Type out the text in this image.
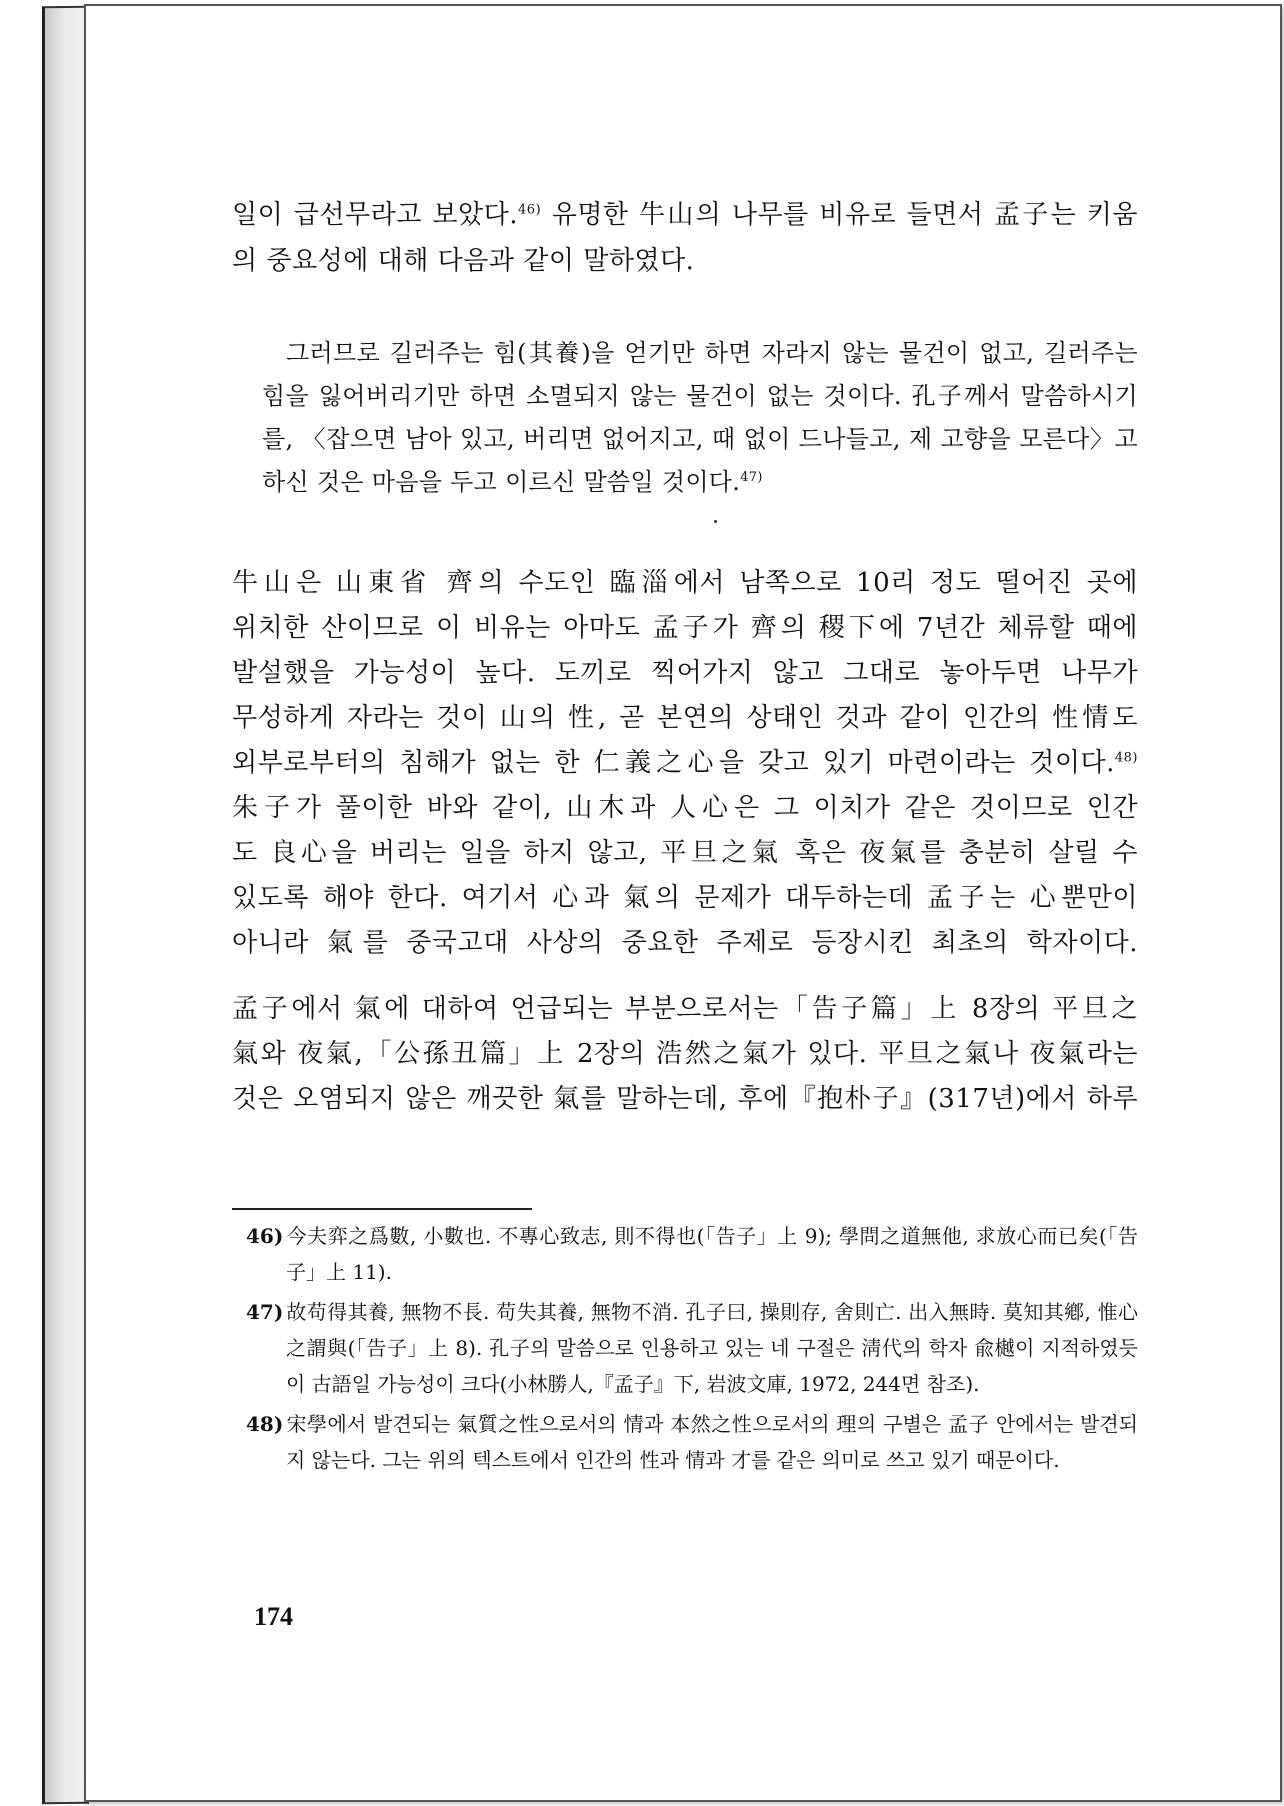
일이 급선무라고 보았다.$^{46)}$ 유명한 牛山의 나무를 비유로 들면서 孟子는 키움의 중요성에 대해 다음과 같이 말하였다.
그러므로 길러주는 힘(其養)을 얻기만 하면 자라지 않는 물건이 없고, 길러주는 힘을 잃어버리기만 하면 소멸되지 않는 물건이 없는 것이다. 孔子께서 말씀하시기를, 〈잡으면 남아 있고, 버리면 없어지고, 때 없이 드나들고, 제 고향을 모른다〉고 하신 것은 마음을 두고 이르신 말씀일 것이다.$^{47)}$
牛山은 山東省 齊의 수도인 臨淄에서 남쪽으로 10리 정도 떨어진 곳에
위치한 산이므로 이 비유는 아마도 孟子가 齊의 稷下에 7년간 체류할 때에
발설했을 가능성이 높다. 도끼로 찍어가지 않고 그대로 놓아두면 나무가
무성하게 자라는 것이 山의 性, 곧 본연의 상태인 것과 같이 인간의 性情도
외부로부터의 침해가 없는 한 仁義之心을 갖고 있기 마련이라는 것이다.$^{48)}$
朱子가 풀이한 바와 같이, 山木과 人心은 그 이치가 같은 것이므로 인간
도 良心을 버리는 일을 하지 않고, 平旦之氣 혹은 夜氣를 충분히 살릴 수
있도록 해야 한다. 여기서 心과 氣의 문제가 대두하는데 孟子는 心뿐만이
아니라 氣를 중국고대 사상의 중요한 주제로 등장시킨 최초의 학자이다.
孟子에서 氣에 대하여 언급되는 부분으로서는「告子篇」上 8장의 平旦之
氣와 夜氣,「公孫丑篇」上 2장의 浩然之氣가 있다. 平旦之氣나 夜氣라는
것은 오염되지 않은 깨끗한 氣를 말하는데, 후에『抱朴子』(317년)에서 하루

46) 今夫弈之爲數, 小數也. 不專心致志, 則不得也(「告子」上 9); 學問之道無他, 求放心而已矣(「告子」上 11).

47) 故苟得其養, 無物不長. 苟失其養, 無物不消. 孔子曰, 操則存, 舍則亡. 出入無時. 莫知其鄕, 惟心之謂與(「告子」上 8). 孔子의 말씀으로 인용하고 있는 네 구절은 淸代의 학자 兪樾이 지적하였듯이 古語일 가능성이 크다(小林勝人,『孟子』下, 岩波文庫, 1972, 244면 참조).

48) 宋學에서 발견되는 氣質之性으로서의 情과 本然之性으로서의 理의 구별은 孟子 안에서는 발견되지 않는다. 그는 위의 텍스트에서 인간의 性과 情과 才를 같은 의미로 쓰고 있기 때문이다.

174
